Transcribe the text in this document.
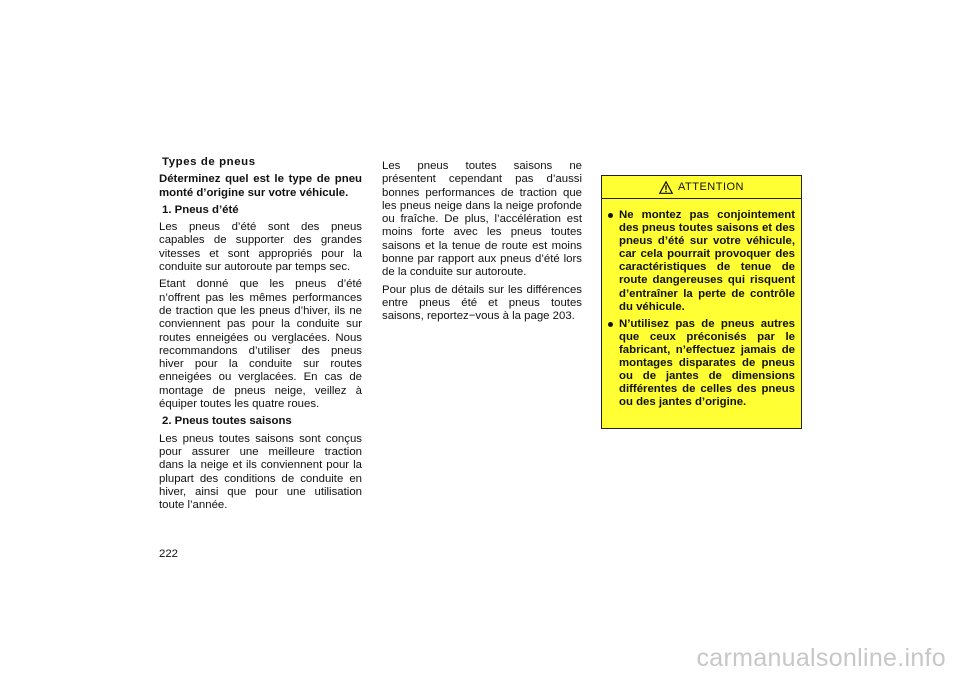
Types de pneus

Déterminez quel est le type de pneu monté d’origine sur votre véhicule.

1. Pneus d’été

Les pneus d’été sont des pneus capables de supporter des grandes vitesses et sont appropriés pour la conduite sur autoroute par temps sec.

Etant donné que les pneus d’été n’offrent pas les mêmes performances de traction que les pneus d’hiver, ils ne conviennent pas pour la conduite sur routes enneigées ou verglacées. Nous recommandons d’utiliser des pneus hiver pour la conduite sur routes enneigées ou verglacées. En cas de montage de pneus neige, veillez à équiper toutes les quatre roues.

2. Pneus toutes saisons

Les pneus toutes saisons sont conçus pour assurer une meilleure traction dans la neige et ils conviennent pour la plupart des conditions de conduite en hiver, ainsi que pour une utilisation toute l’année.

222

Les pneus toutes saisons ne présentent cependant pas d’aussi bonnes performances de traction que les pneus neige dans la neige profonde ou fraîche. De plus, l’accélération est moins forte avec les pneus toutes saisons et la tenue de route est moins bonne par rapport aux pneus d’été lors de la conduite sur autoroute.

Pour plus de détails sur les différences entre pneus été et pneus toutes saisons, reportez−vous à la page 203.

ATTENTION
Ne montez pas conjointement des pneus toutes saisons et des pneus d’été sur votre véhicule, car cela pourrait provoquer des caractéristiques de tenue de route dangereuses qui risquent d’entraîner la perte de contrôle du véhicule.
N’utilisez pas de pneus autres que ceux préconisés par le fabricant, n’effectuez jamais de montages disparates de pneus ou de jantes de dimensions différentes de celles des pneus ou des jantes d’origine.
carmanualsonline.info
